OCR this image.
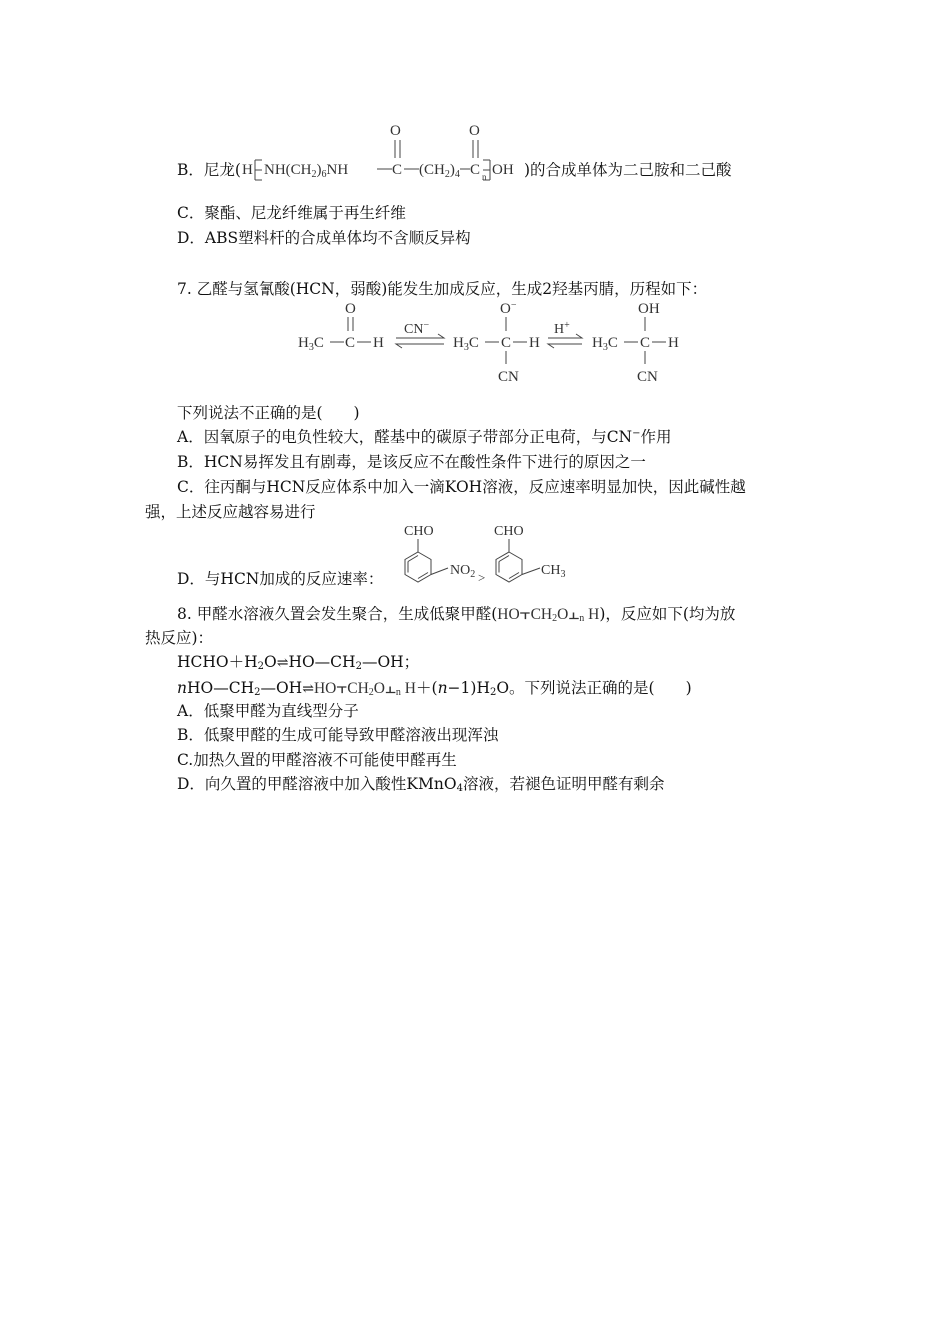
B．尼龙( H $NH(CH_2)_6NH$	C
O
$(CH_2)_4$ C
O
n OH )的合成单体为二己胺和二己酸
C．聚酯、尼龙纤维属于再生纤维
D．ABS塑料杆的合成单体均不含顺反异构
7. 乙醛与氢氰酸(HCN，弱酸)能发生加成反应，生成2羟基丙腈，历程如下：
$H_3C$ C H
O
CN−
$H_3C$ C H
O−
CN
H+
$H_3C$ C H
OH
CN
下列说法不正确的是(　　)
A．因氧原子的电负性较大，醛基中的碳原子带部分正电荷，与CN−作用
B．HCN易挥发且有剧毒，是该反应不在酸性条件下进行的原因之一
C．往丙酮与HCN反应体系中加入一滴KOH溶液，反应速率明显加快，因此碱性越
强，上述反应越容易进行
D．与HCN加成的反应速率：
CHO
$NO_2$ >
CHO
$CH_3$
8. 甲醛水溶液久置会发生聚合，生成低聚甲醛($HO⫟CH_2O⫠_n$ H)，反应如下(均为放
热反应)：
$HCHO+H_2O\rightleftharpoons HO—CH_2—OH$；
$nHO—CH_2—OH\rightleftharpoons HO⫟CH_2O⫠_n$ $H+(n-1)H_2O$。下列说法正确的是(　　)
A．低聚甲醛为直线型分子
B．低聚甲醛的生成可能导致甲醛溶液出现浑浊
C.加热久置的甲醛溶液不可能使甲醛再生
D．向久置的甲醛溶液中加入酸性KMnO$_4$溶液，若褪色证明甲醛有剩余
